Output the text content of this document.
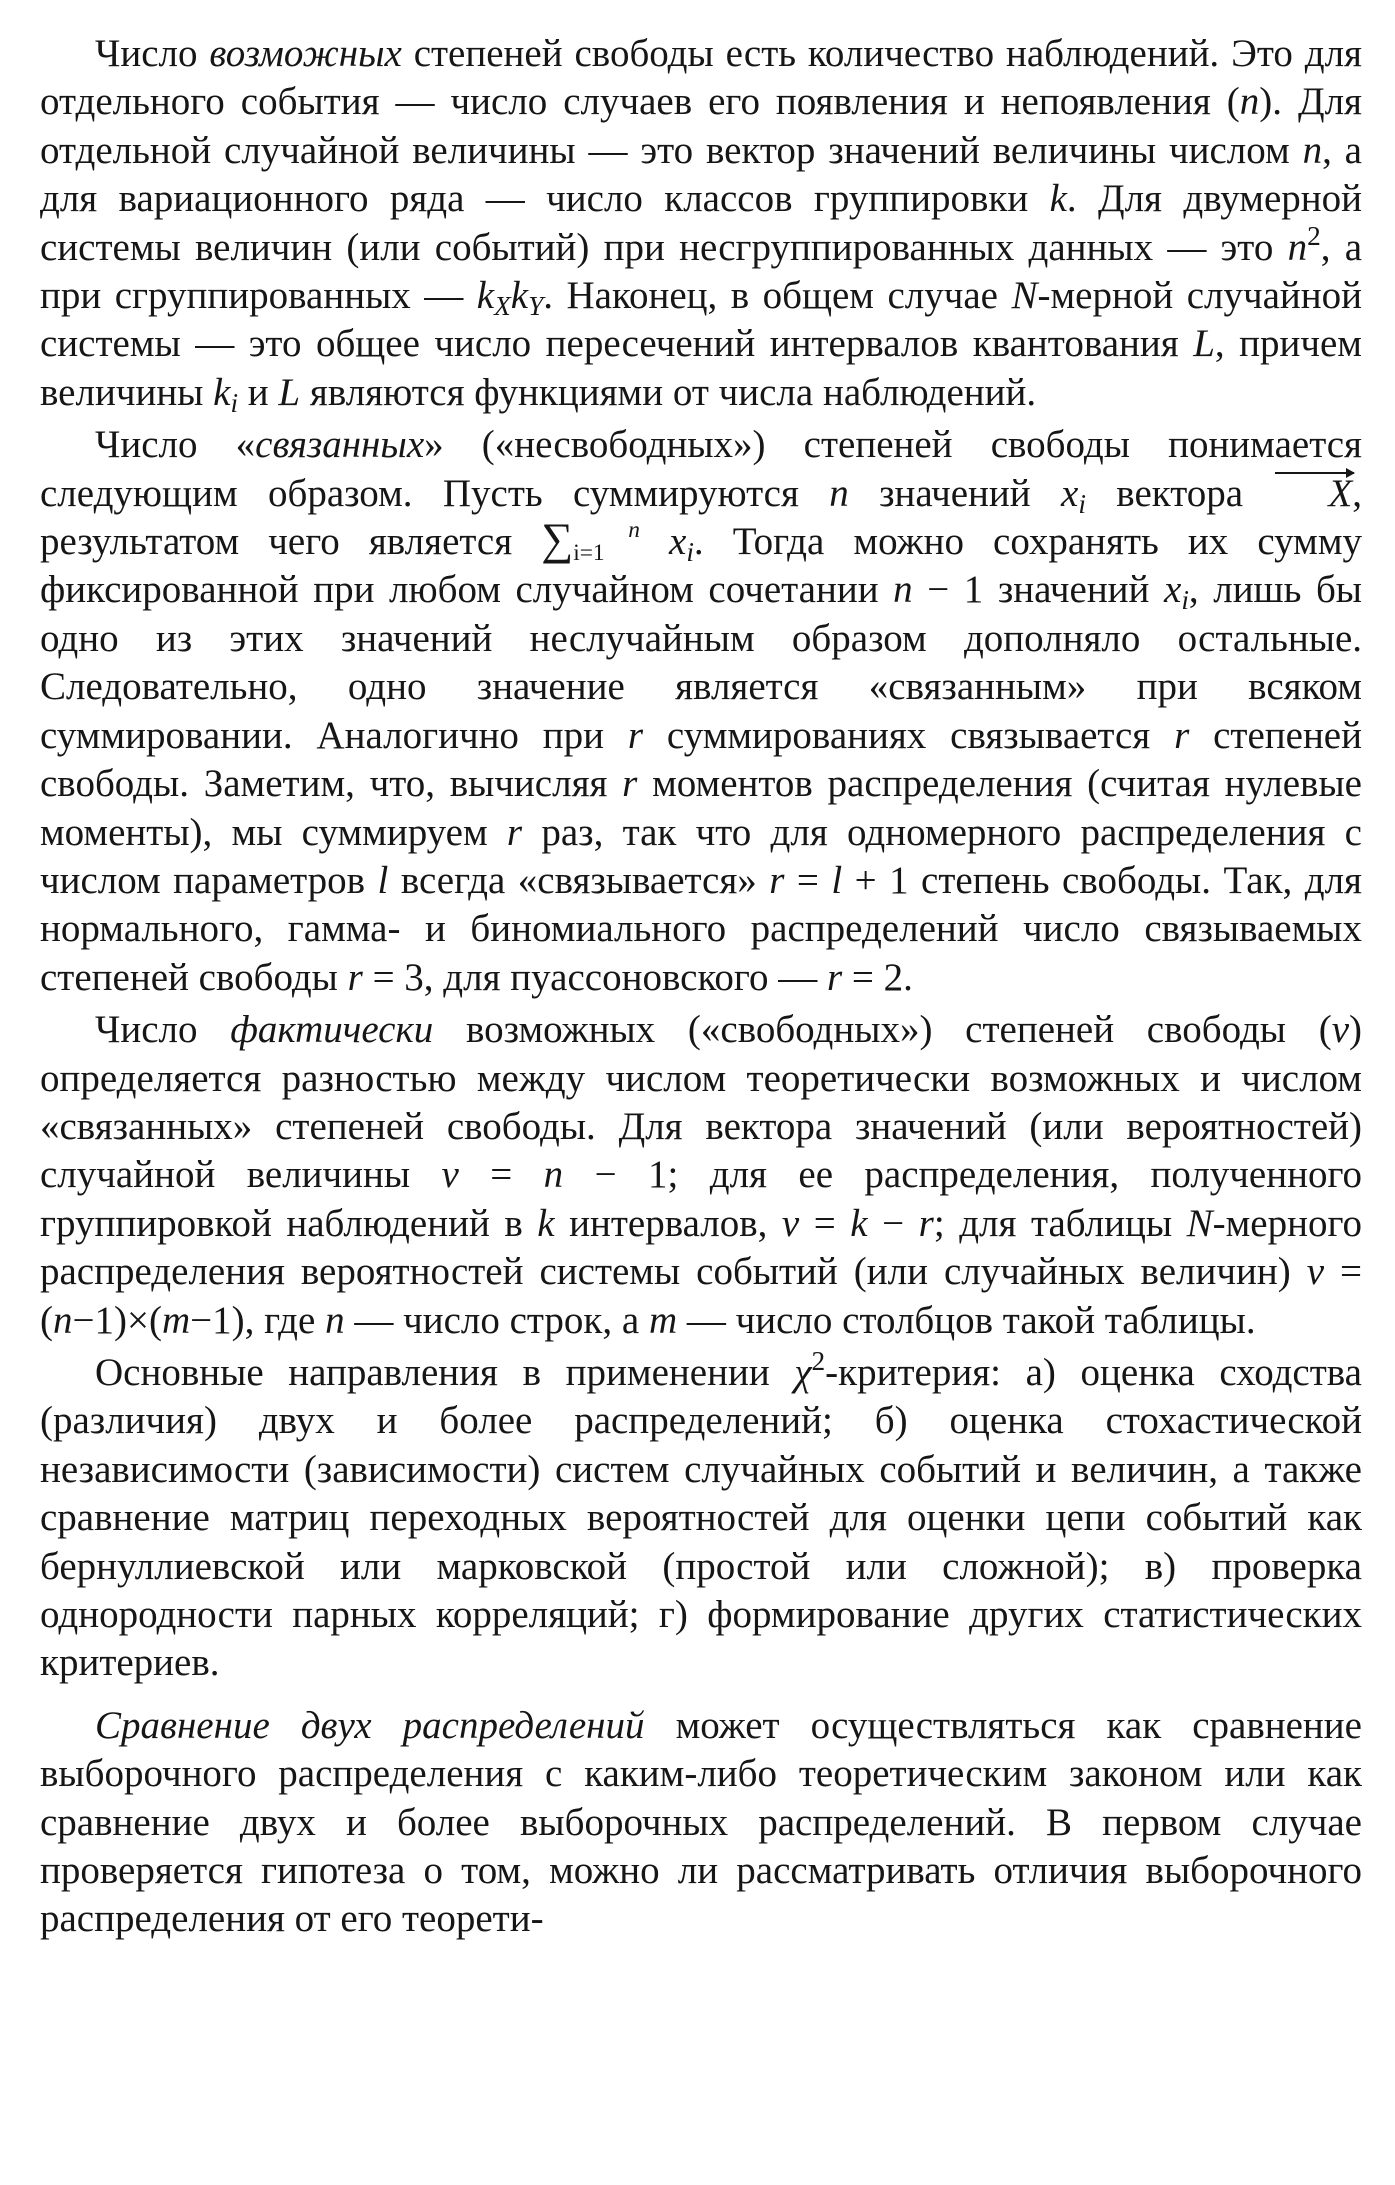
Число возможных степеней свободы есть количество наблюдений. Это для отдельного события — число случаев его появления и непоявления (n). Для отдельной случайной величины — это вектор значений величины числом n, а для вариационного ряда — число классов группировки k. Для двумерной системы величин (или событий) при несгруппированных данных — это $n^2$, а при сгруппированных — $k_Xk_Y$. Наконец, в общем случае N-мерной случайной системы — это общее число пересечений интервалов квантования L, причем величины $k_i$ и L являются функциями от числа наблюдений.

Число «связанных» («несвободных») степеней свободы понимается следующим образом. Пусть суммируются n значений $x_i$ вектора X, результатом чего является ∑	n
i=1 $x_i$. Тогда можно сохранять их сумму фиксированной при любом случайном сочетании n − 1 значений $x_i$, лишь бы одно из этих значений неслучайным образом дополняло остальные. Следовательно, одно значение является «связанным» при всяком суммировании. Аналогично при r суммированиях связывается r степеней свободы. Заметим, что, вычисляя r моментов распределения (считая нулевые моменты), мы суммируем r раз, так что для одномерного распределения с числом параметров l всегда «связывается» r = l + 1 степень свободы. Так, для нормального, гамма- и биномиального распределений число связываемых степеней свободы r = 3, для пуассоновского — r = 2.

Число фактически возможных («свободных») степеней свободы (ν) определяется разностью между числом теоретически возможных и числом «связанных» степеней свободы. Для вектора значений (или вероятностей) случайной величины ν = n − 1; для ее распределения, полученного группировкой наблюдений в k интервалов, ν = k − r; для таблицы N-мерного распределения вероятностей системы событий (или случайных величин) ν = (n−1)×(m−1), где n — число строк, а m — число столбцов такой таблицы.

Основные направления в применении $\chi^2$-критерия: а) оценка сходства (различия) двух и более распределений; б) оценка стохастической независимости (зависимости) систем случайных событий и величин, а также сравнение матриц переходных вероятностей для оценки цепи событий как бернуллиевской или марковской (простой или сложной); в) проверка однородности парных корреляций; г) формирование других статистических критериев.

Сравнение двух распределений может осуществляться как сравнение выборочного распределения с каким-либо теоретическим законом или как сравнение двух и более выборочных распределений. В первом случае проверяется гипотеза о том, можно ли рассматривать отличия выборочного распределения от его теорети-
